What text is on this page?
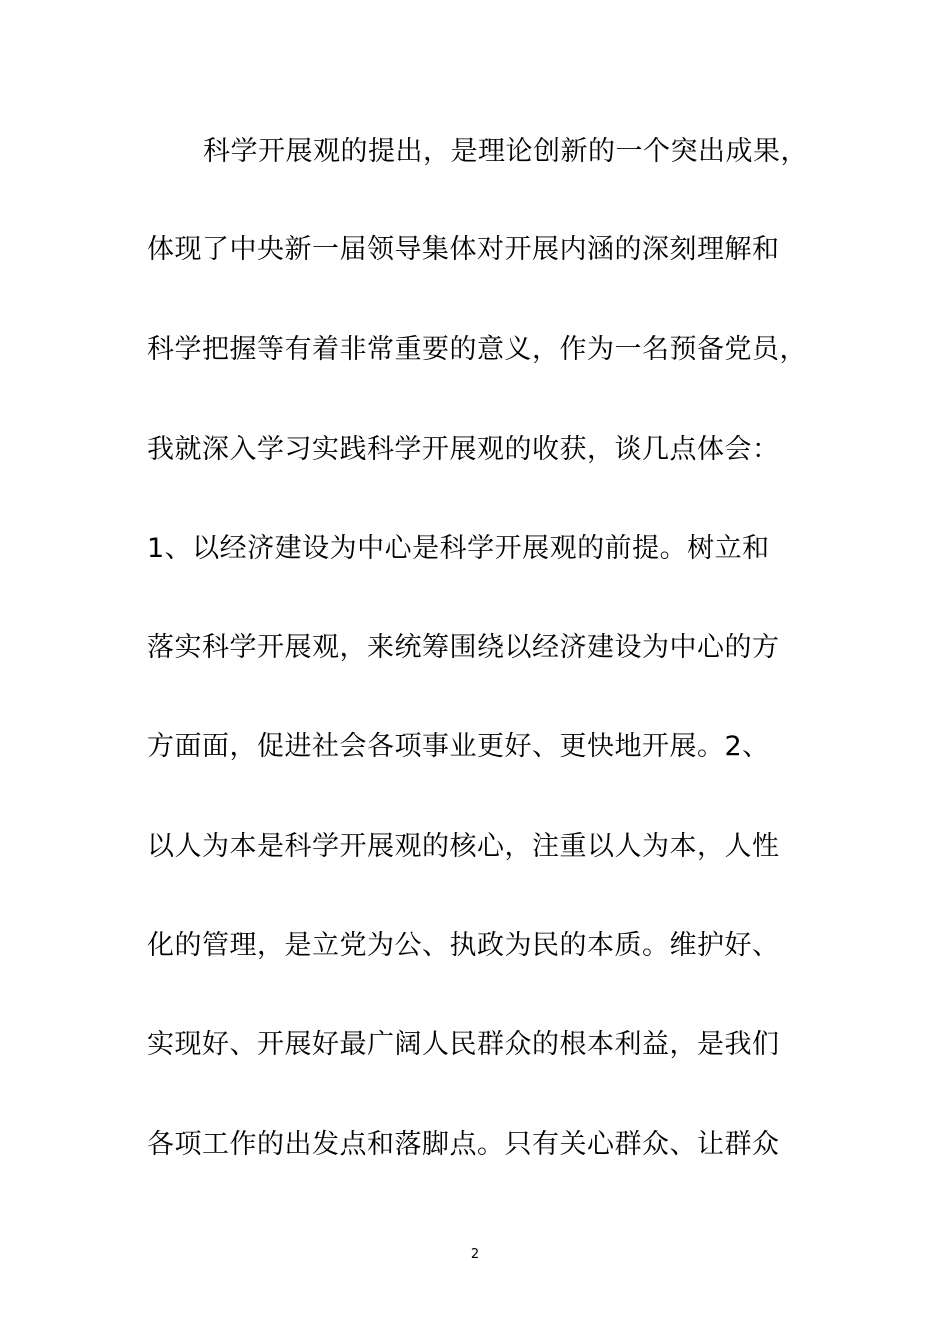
科学开展观的提出，是理论创新的一个突出成果，
体现了中央新一届领导集体对开展内涵的深刻理解和
科学把握等有着非常重要的意义，作为一名预备党员，
我就深入学习实践科学开展观的收获，谈几点体会：
1、以经济建设为中心是科学开展观的前提。树立和
落实科学开展观，来统筹围绕以经济建设为中心的方
方面面，促进社会各项事业更好、更快地开展。2、
以人为本是科学开展观的核心，注重以人为本，人性
化的管理，是立党为公、执政为民的本质。维护好、
实现好、开展好最广阔人民群众的根本利益，是我们
各项工作的出发点和落脚点。只有关心群众、让群众
2
